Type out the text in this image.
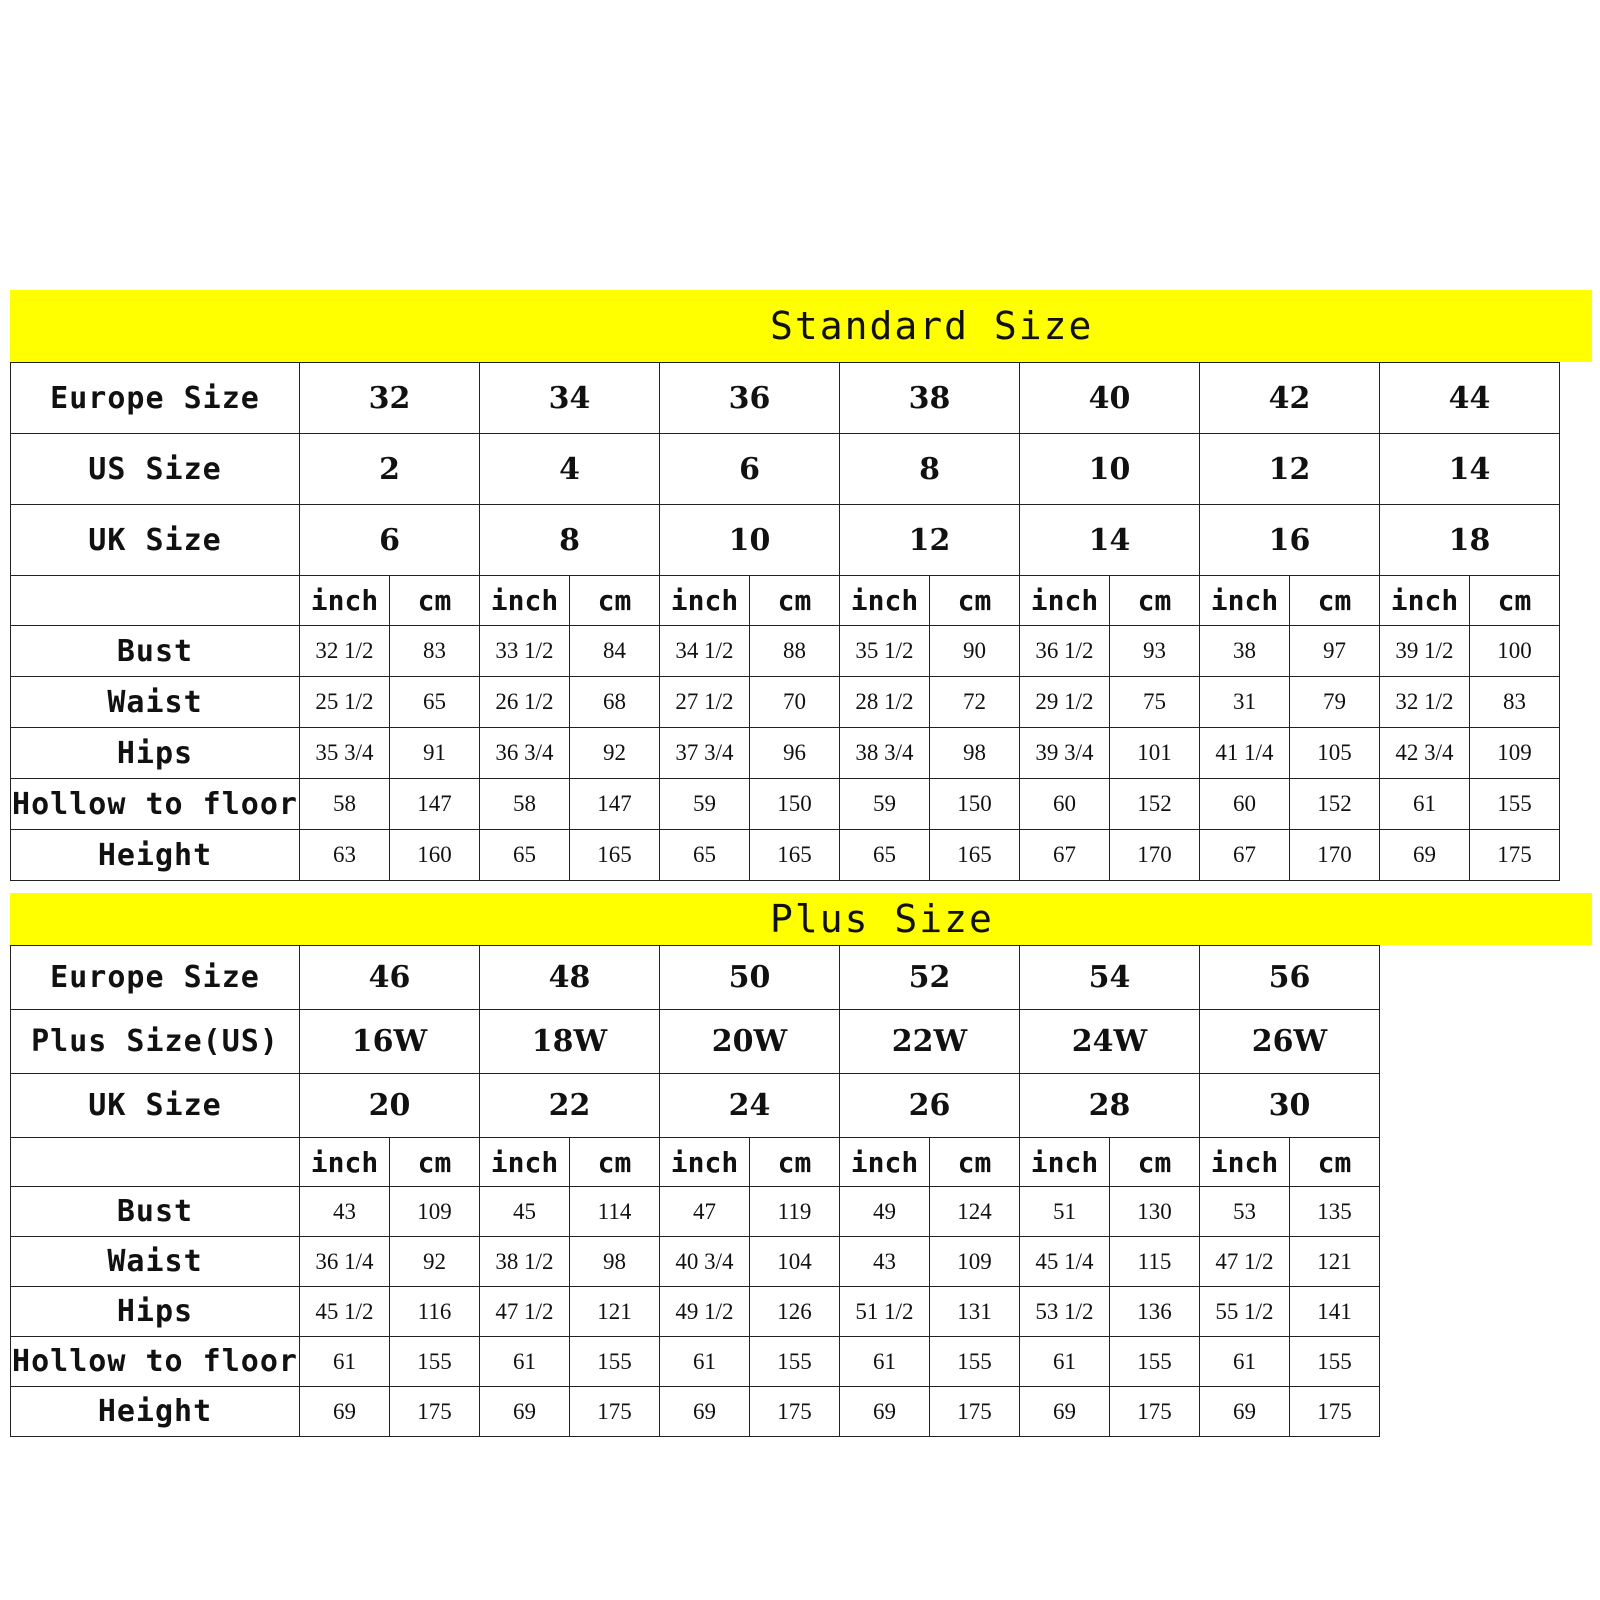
Standard Size
Europe Size	32		34		36		38		40		42		44	
US Size	2		4		6		8		10		12		14	
UK Size	6		8		10		12		14		16		18	
	inch	cm	inch	cm	inch	cm	inch	cm	inch	cm	inch	cm	inch	cm
Bust	32 1/2	83	33 1/2	84	34 1/2	88	35 1/2	90	36 1/2	93	38	97	39 1/2	100
Waist	25 1/2	65	26 1/2	68	27 1/2	70	28 1/2	72	29 1/2	75	31	79	32 1/2	83
Hips	35 3/4	91	36 3/4	92	37 3/4	96	38 3/4	98	39 3/4	101	41 1/4	105	42 3/4	109
Hollow to floor	58	147	58	147	59	150	59	150	60	152	60	152	61	155
Height	63	160	65	165	65	165	65	165	67	170	67	170	69	175
Plus Size
Europe Size	46		48		50		52		54		56	
Plus Size(US)	16W		18W		20W		22W		24W		26W	
UK Size	20		22		24		26		28		30	
	inch	cm	inch	cm	inch	cm	inch	cm	inch	cm	inch	cm
Bust	43	109	45	114	47	119	49	124	51	130	53	135
Waist	36 1/4	92	38 1/2	98	40 3/4	104	43	109	45 1/4	115	47 1/2	121
Hips	45 1/2	116	47 1/2	121	49 1/2	126	51 1/2	131	53 1/2	136	55 1/2	141
Hollow to floor	61	155	61	155	61	155	61	155	61	155	61	155
Height	69	175	69	175	69	175	69	175	69	175	69	175
